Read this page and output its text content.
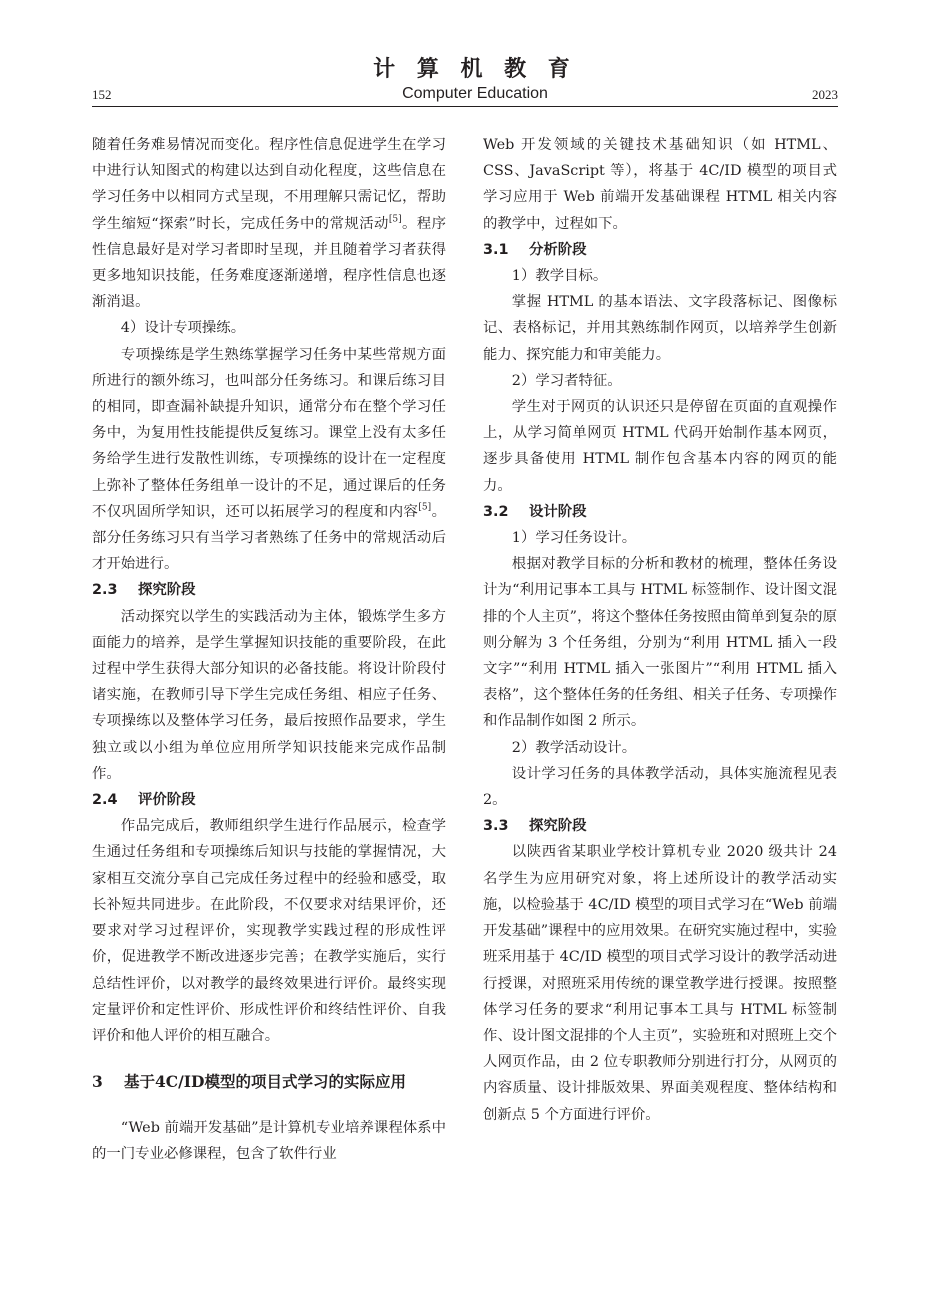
计 算 机 教 育
Computer Education
152	2023

随着任务难易情况而变化。程序性信息促进学生在学习中进行认知图式的构建以达到自动化程度，这些信息在学习任务中以相同方式呈现，不用理解只需记忆，帮助学生缩短“探索”时长，完成任务中的常规活动[5]。程序性信息最好是对学习者即时呈现，并且随着学习者获得更多地知识技能，任务难度逐渐递增，程序性信息也逐渐消退。

4）设计专项操练。

专项操练是学生熟练掌握学习任务中某些常规方面所进行的额外练习，也叫部分任务练习。和课后练习目的相同，即查漏补缺提升知识，通常分布在整个学习任务中，为复用性技能提供反复练习。课堂上没有太多任务给学生进行发散性训练，专项操练的设计在一定程度上弥补了整体任务组单一设计的不足，通过课后的任务不仅巩固所学知识，还可以拓展学习的程度和内容[5]。部分任务练习只有当学习者熟练了任务中的常规活动后才开始进行。

2.3 探究阶段

活动探究以学生的实践活动为主体，锻炼学生多方面能力的培养，是学生掌握知识技能的重要阶段，在此过程中学生获得大部分知识的必备技能。将设计阶段付诸实施，在教师引导下学生完成任务组、相应子任务、专项操练以及整体学习任务，最后按照作品要求，学生独立或以小组为单位应用所学知识技能来完成作品制作。

2.4 评价阶段

作品完成后，教师组织学生进行作品展示，检查学生通过任务组和专项操练后知识与技能的掌握情况，大家相互交流分享自己完成任务过程中的经验和感受，取长补短共同进步。在此阶段，不仅要求对结果评价，还要求对学习过程评价，实现教学实践过程的形成性评价，促进教学不断改进逐步完善；在教学实施后，实行总结性评价，以对教学的最终效果进行评价。最终实现定量评价和定性评价、形成性评价和终结性评价、自我评价和他人评价的相互融合。

3 基于4C/ID模型的项目式学习的实际应用

“Web 前端开发基础”是计算机专业培养课程体系中的一门专业必修课程，包含了软件行业

Web 开发领域的关键技术基础知识（如 HTML、CSS、JavaScript 等），将基于 4C/ID 模型的项目式学习应用于 Web 前端开发基础课程 HTML 相关内容的教学中，过程如下。

3.1 分析阶段

1）教学目标。

掌握 HTML 的基本语法、文字段落标记、图像标记、表格标记，并用其熟练制作网页，以培养学生创新能力、探究能力和审美能力。

2）学习者特征。

学生对于网页的认识还只是停留在页面的直观操作上，从学习简单网页 HTML 代码开始制作基本网页，逐步具备使用 HTML 制作包含基本内容的网页的能力。

3.2 设计阶段

1）学习任务设计。

根据对教学目标的分析和教材的梳理，整体任务设计为“利用记事本工具与 HTML 标签制作、设计图文混排的个人主页”，将这个整体任务按照由简单到复杂的原则分解为 3 个任务组，分别为“利用 HTML 插入一段文字”“利用 HTML 插入一张图片”“利用 HTML 插入表格”，这个整体任务的任务组、相关子任务、专项操作和作品制作如图 2 所示。

2）教学活动设计。

设计学习任务的具体教学活动，具体实施流程见表 2。

3.3 探究阶段

以陕西省某职业学校计算机专业 2020 级共计 24 名学生为应用研究对象，将上述所设计的教学活动实施，以检验基于 4C/ID 模型的项目式学习在“Web 前端开发基础”课程中的应用效果。在研究实施过程中，实验班采用基于 4C/ID 模型的项目式学习设计的教学活动进行授课，对照班采用传统的课堂教学进行授课。按照整体学习任务的要求“利用记事本工具与 HTML 标签制作、设计图文混排的个人主页”，实验班和对照班上交个人网页作品，由 2 位专职教师分别进行打分，从网页的内容质量、设计排版效果、界面美观程度、整体结构和创新点 5 个方面进行评价。
